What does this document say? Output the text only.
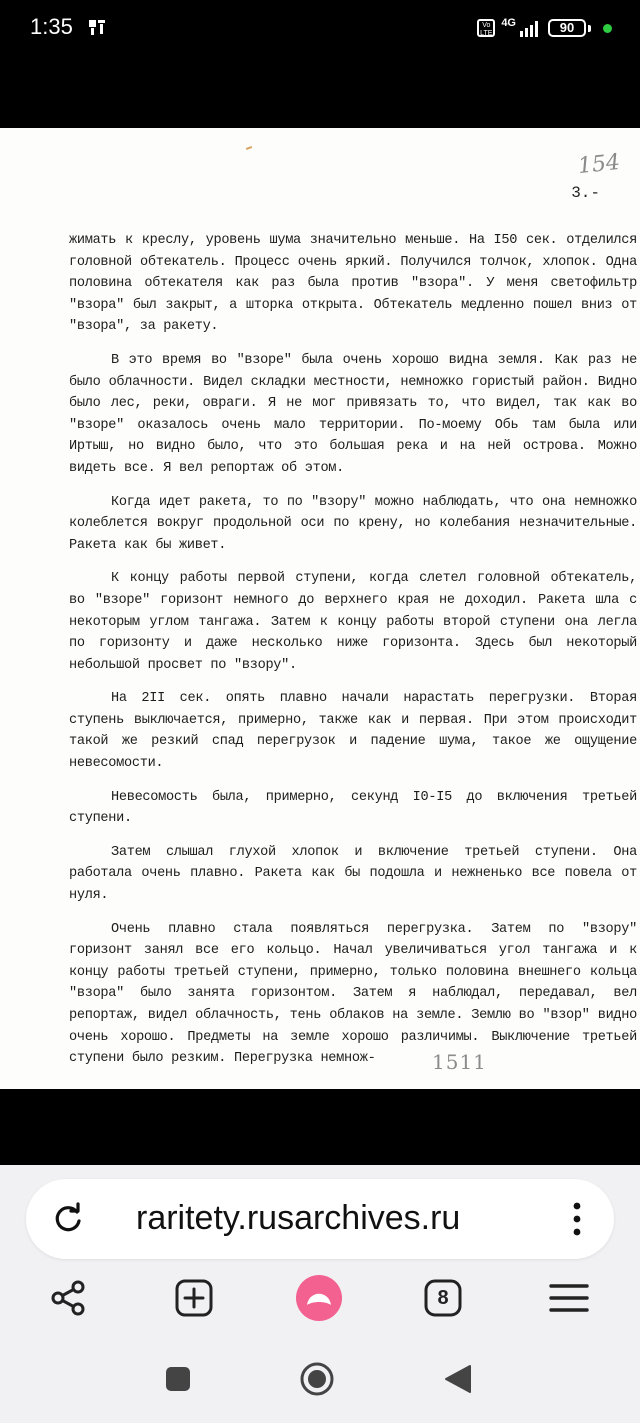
1:35	Vo LTE
4G	90
154
3.-

жимать к креслу, уровень шума значительно меньше. На I50 сек. отделился головной обтекатель. Процесс очень яркий. Получился толчок, хлопок. Одна половина обтекателя как раз была против "взора". У меня светофильтр "взора" был закрыт, а шторка открыта. Обтекатель медленно пошел вниз от "взора", за ракету.

В это время во "взоре" была очень хорошо видна земля. Как раз не было облачности. Видел складки местности, немножко гористый район. Видно было лес, реки, овраги. Я не мог привязать то, что видел, так как во "взоре" оказалось очень мало территории. По-моему Обь там была или Иртыш, но видно было, что это большая река и на ней острова. Можно видеть все. Я вел репортаж об этом.

Когда идет ракета, то по "взору" можно наблюдать, что она немножко колеблется вокруг продольной оси по крену, но колебания незначительные. Ракета как бы живет.

К концу работы первой ступени, когда слетел головной обтекатель, во "взоре" горизонт немного до верхнего края не доходил. Ракета шла с некоторым углом тангажа. Затем к концу работы второй ступени она легла по горизонту и даже несколько ниже горизонта. Здесь был некоторый небольшой просвет по "взору".

На 2II сек. опять плавно начали нарастать перегрузки. Вторая ступень выключается, примерно, также как и первая. При этом происходит такой же резкий спад перегрузок и падение шума, такое же ощущение невесомости.

Невесомость была, примерно, секунд I0-I5 до включения третьей ступени.

Затем слышал глухой хлопок и включение третьей ступени. Она работала очень плавно. Ракета как бы подошла и нежненько все повела от нуля.

Очень плавно стала появляться перегрузка. Затем по "взору" горизонт занял все его кольцо. Начал увеличиваться угол тангажа и к концу работы третьей ступени, примерно, только половина внешнего кольца "взора" было занята горизонтом. Затем я наблюдал, передавал, вел репортаж, видел облачность, тень облаков на земле. Землю во "взор" видно очень хорошо. Предметы на земле хорошо различимы. Выключение третьей ступени было резким. Перегрузка немнож-	1511
raritety.rusarchives.ru
8
